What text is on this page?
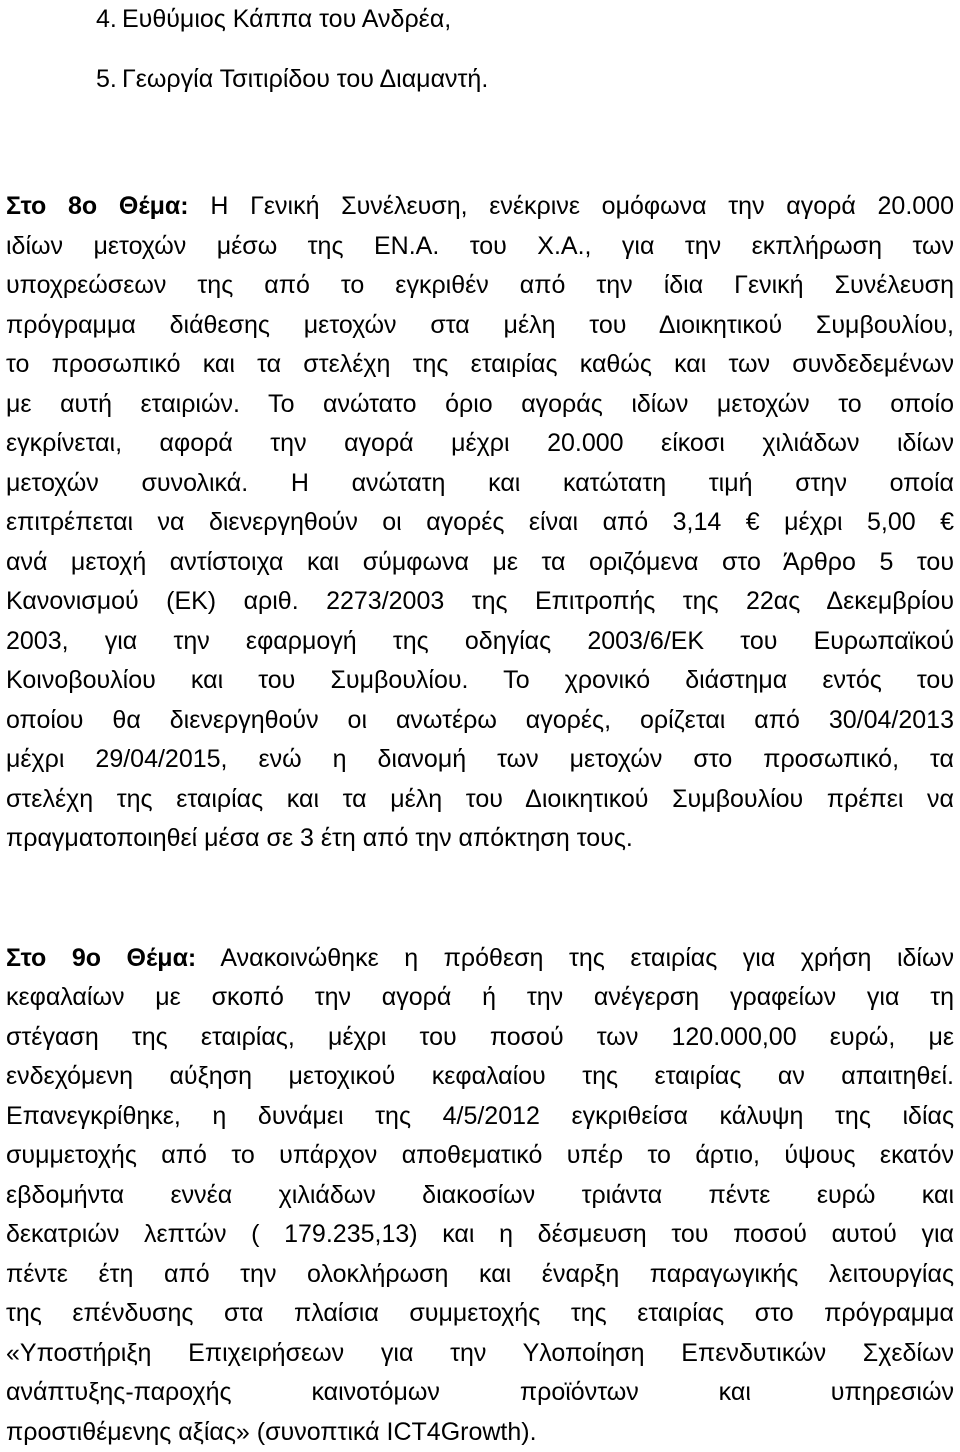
4. Ευθύμιος Κάππα του Ανδρέα,
5. Γεωργία Τσιτιρίδου του Διαμαντή.
Στο 8ο Θέμα: Η Γενική Συνέλευση, ενέκρινε ομόφωνα την αγορά 20.000
ιδίων μετοχών μέσω της ΕΝ.Α. του Χ.Α., για την εκπλήρωση των
υποχρεώσεων της από το εγκριθέν από την ίδια Γενική Συνέλευση
πρόγραμμα διάθεσης μετοχών στα μέλη του Διοικητικού Συμβουλίου,
το προσωπικό και τα στελέχη της εταιρίας καθώς και των συνδεδεμένων
με αυτή εταιριών. Το ανώτατο όριο αγοράς ιδίων μετοχών το οποίο
εγκρίνεται, αφορά την αγορά μέχρι 20.000 είκοσι χιλιάδων ιδίων
μετοχών συνολικά. Η ανώτατη και κατώτατη τιμή στην οποία
επιτρέπεται να διενεργηθούν οι αγορές είναι από 3,14 € μέχρι 5,00 €
ανά μετοχή αντίστοιχα και σύμφωνα με τα οριζόμενα στο Άρθρο 5 του
Κανονισμού (ΕΚ) αριθ. 2273/2003 της Επιτροπής της 22ας Δεκεμβρίου
2003, για την εφαρμογή της οδηγίας 2003/6/ΕΚ του Ευρωπαϊκού
Κοινοβουλίου και του Συμβουλίου. Το χρονικό διάστημα εντός του
οποίου θα διενεργηθούν οι ανωτέρω αγορές, ορίζεται από 30/04/2013
μέχρι 29/04/2015, ενώ η διανομή των μετοχών στο προσωπικό, τα
στελέχη της εταιρίας και τα μέλη του Διοικητικού Συμβουλίου πρέπει να
πραγματοποιηθεί μέσα σε 3 έτη από την απόκτηση τους.
Στο 9ο Θέμα: Ανακοινώθηκε η πρόθεση της εταιρίας για χρήση ιδίων
κεφαλαίων με σκοπό την αγορά ή την ανέγερση γραφείων για τη
στέγαση της εταιρίας, μέχρι του ποσού των 120.000,00 ευρώ, με
ενδεχόμενη αύξηση μετοχικού κεφαλαίου της εταιρίας αν απαιτηθεί.
Επανεγκρίθηκε, η δυνάμει της 4/5/2012 εγκριθείσα κάλυψη της ιδίας
συμμετοχής από το υπάρχον αποθεματικό υπέρ το άρτιο, ύψους εκατόν
εβδομήντα εννέα χιλιάδων διακοσίων τριάντα πέντε ευρώ και
δεκατριών λεπτών ( 179.235,13) και η δέσμευση του ποσού αυτού για
πέντε έτη από την ολοκλήρωση και έναρξη παραγωγικής λειτουργίας
της επένδυσης στα πλαίσια συμμετοχής της εταιρίας στο πρόγραμμα
«Υποστήριξη Επιχειρήσεων για την Υλοποίηση Επενδυτικών Σχεδίων
ανάπτυξης-παροχής καινοτόμων προϊόντων και υπηρεσιών
προστιθέμενης αξίας» (συνοπτικά ICT4Growth).
